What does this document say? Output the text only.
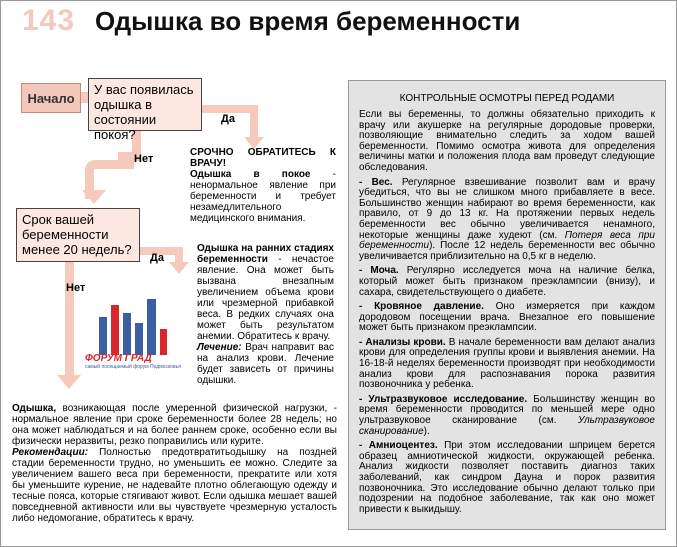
143 Одышка во время беременности
Начало
У вас появилась одышка в состоянии покоя?
Да
Нет
Срок вашей беременности менее 20 недель?
Да
Нет
СРОЧНО ОБРАТИТЕСЬ К ВРАЧУ!
Одышка в покое - ненормальное явление при беременности и требует незамедлительного медицинского внимания.
Одышка на ранних стадиях беременности - нечастое явление. Она может быть вызвана внезапным увеличением объема крови или чрезмерной прибавкой веса. В редких случаях она может быть результатом анемии. Обратитесь к врачу.
Лечение: Врач направит вас на анализ крови. Лечение будет зависеть от причины одышки.
ФОРУМ ГРАД
самый посещаемый форум Подмосковья
Одышка, возникающая после умеренной физической нагрузки, - нормальное явление при сроке беременности более 28 недель; но она может наблюдаться и на более раннем сроке, особенно если вы физически неразвиты, резко поправились или курите.
Рекомендации: Полностью предотвратитьодышку на поздней стадии беременности трудно, но уменьшить ее можно. Следите за увеличением вашего веса при беременности, прекратите или хотя бы уменьшите курение, не надевайте плотно облегающую одежду и тесные пояса, которые стягивают живот. Если одышка мешает вашей повседневной активности или вы чувствуете чрезмерную усталость либо недомогание, обратитесь к врачу.
КОНТРОЛЬНЫЕ ОСМОТРЫ ПЕРЕД РОДАМИ
Если вы беременны, то должны обязательно приходить к врачу или акушерке на регулярные дородовые проверки, позволяющие внимательно следить за ходом вашей беременности. Помимо осмотра живота для определения величины матки и положения плода вам проведут следующие обследования.
- Вес. Регулярное взвешивание позволит вам и врачу убедиться, что вы не слишком много прибавляете в весе. Большинство женщин набирают во время беременности, как правило, от 9 до 13 кг. На протяжении первых недель беременности вес обычно увеличивается ненамного, некоторые женщины даже худеют (см. Потеря веса при беременности). После 12 недель беременности вес обычно увеличивается приблизительно на 0,5 кг в неделю.
- Моча. Регулярно исследуется моча на наличие белка, который может быть признаком преэклампсии (внизу), и сахара, свидетельствующего о диабете.
- Кровяное давление. Оно измеряется при каждом дородовом посещении врача. Внезапное его повышение может быть признаком преэклампсии.
- Анализы крови. В начале беременности вам делают анализ крови для определения группы крови и выявления анемии. На 16-18-й неделях беременности производят при необходимости анализ крови для распознавания порока развития позвоночника у ребенка.
- Ультразвуковое исследование. Большинству женщин во время беременности проводится по меньшей мере одно ультразвуковое сканирование (см. Ультразвуковое сканирование).
- Амниоцентез. При этом исследовании шприцем берется образец амниотической жидкости, окружающей ребенка. Анализ жидкости позволяет поставить диагноз таких заболеваний, как синдром Дауна и порок развития позвоночника. Это исследование обычно делают только при подозрении на подобное заболевание, так как оно может привести к выкидышу.
